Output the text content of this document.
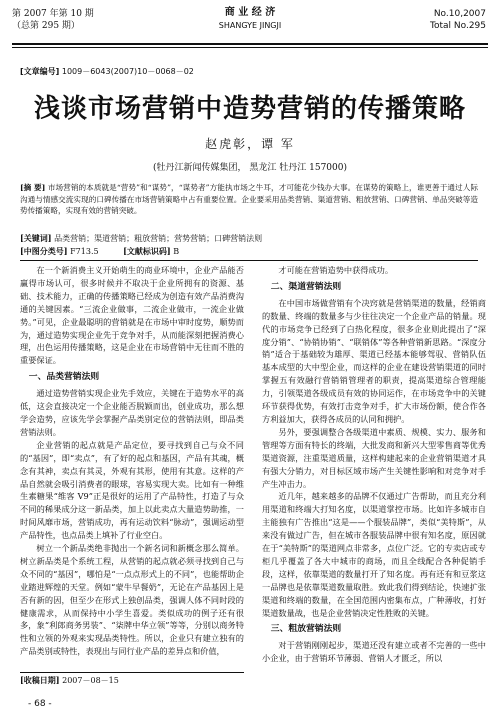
第 2007 年第 10 期
（总第 295 期）
商 业 经 济
SHANGYE JINGJI
No.10,2007
Total No.295
[文章编号] 1009－6043(2007)10－0068－02
浅谈市场营销中造势营销的传播策略
赵虎彰，谭 军
(牡丹江新闻传媒集团， 黑龙江 牡丹江 157000)
[摘 要] 市场营销的本质就是“营势”和“谋势”，“谋势者”方能执市场之牛耳，才可能花少钱办大事。在谋势的策略上，谁更善于通过人际沟通与情感交流实现的口碑传播在市场营销策略中占有重要位置。企业要采用品类营销、渠道营销、粗放营销、口碑营销、单品突破等造势传播策略，实现有效的营销突破。
[关键词] 品类营销；渠道营销；粗放营销；营势营销；口碑营销法则
[中图分类号] F713.5	[文献标识码] B

在一个新消费主义开始萌生的商业环境中，企业产品能否赢得市场认可，很多时候并不取决于企业所拥有的资源、基础、技术能力，正确的传播策略已经成为创造有效产品消费沟通的关键因素。“三流企业做事，二流企业做市，一流企业做势。”可见，企业最聪明的营销就是在市场中审时度势，顺势而为，通过造势实现企业先于竞争对手，从而能深刻把握消费心理，出色运用传播策略，这是企业在市场营销中无往而不胜的重要保证。

一、品类营销法则

通过造势营销实现企业先手效应，关键在于造势水平的高低，这会直接决定一个企业能否脱颖而出，创业成功，那么想学会造势，应该先学会掌握产品类别定位的营销法则，即品类营销法则。

企业营销的起点就是产品定位，要寻找到自己与众不同的“基因”，即“卖点”，有了好的起点和基因，产品有其魂，概念有其神，卖点有其灵，外观有其形，使用有其意。这样的产品自然就会吸引消费者的眼球，容易实现大卖。比如有一种维生素糖果“维客 V9”正是很好的运用了产品特性，打造了与众不同的稀果成分这一新品类，加上以此卖点大量造势助推，一时间风靡市场，营销成功，再有运动饮料“脉动”，强调运动型产品特性，也点品类上填补了行业空白。

树立一个新品类绝非抛出一个新名词和新概念那么简单。树立新品类是个系统工程，从营销的起点就必须寻找到自己与众不同的“基因”，哪怕是“一点点形式上的不同”，也能帮助企业踏进辉煌的天堂。例如“蒙牛早餐奶”，无论在产品基因上是否有新的因，但至少在形式上独创品类，强调人体不同时段的健康需求，从而保持中小学生喜爱。类似成功的例子还有很多，象“利郎商务男装”、“柒牌中华立领”等等，分别以商务特性和立领的外观来实现品类特性。所以，企业只有建立独有的产品类别或特性，表现出与同行业产品的差异点和价值，

才可能在营销造势中获得成功。

二、渠道营销法则

在中国市场做营销有个决窍就是营销渠道的数量，经销商的数量、终端的数量多与少往往决定一个企业产品的销量。现代的市场竞争已经到了白热化程度，很多企业则此提出了“深度分销”、“协销协销”、“联销体”等各种营销新思路。“深度分销”适合于基础较为雄厚、渠道已经基本能够驾驭、营销队伍基本成型的大中型企业，而这样的企业在建设营销渠道的同时掌握五有效融行营销销管理者的职责，提高渠道综合管理能力，引领渠道各级成员有效的协同运作，在市场竞争中的关键环节获得优势，有效打击竞争对手，扩大市场份额，使合作各方利益加大，获得各成员的认同和拥护。

另外，要强调整合各级渠道中素质、规模、实力、服务和管理等方面有特长的终端，大批发商和新兴大型零售商等优秀渠道资源，注重渠道质量，这样构建起来的企业营销渠道才具有强大分销力，对目标区域市场产生关键性影响和对竞争对手产生冲击力。

近几年，越来越多的品牌不仅通过广告帮助，而且充分利用渠道和终端大打知名度，以渠道掌控市场。比如许多城市自主能独有广告推出“这是——个服装品牌”，类似“美特斯”，从来没有做过广告，但在城市各服装品牌中很有知名度，原因就在于“美特斯”的渠道网点非常多，点位广泛。它的专卖店或专柜几乎覆盖了各大中城市的商场，而且全线配合各种促销手段，这样，依靠渠道的数量打开了知名度。再有还有和豆浆这一品牌也是依靠渠道数量取胜。致此我们得到结论，快速扩张渠道和终端的数量，在全国范围内密集布点，广种薄收，打好渠道数量战，也是企业营销决定性胜败的关键。

三、粗放营销法则

对于营销刚刚起步，渠道还没有建立或者不完善的一些中小企业，由于营销环节薄弱、营销人才匮乏，所以

[收稿日期] 2007－08－15
- 68 -
